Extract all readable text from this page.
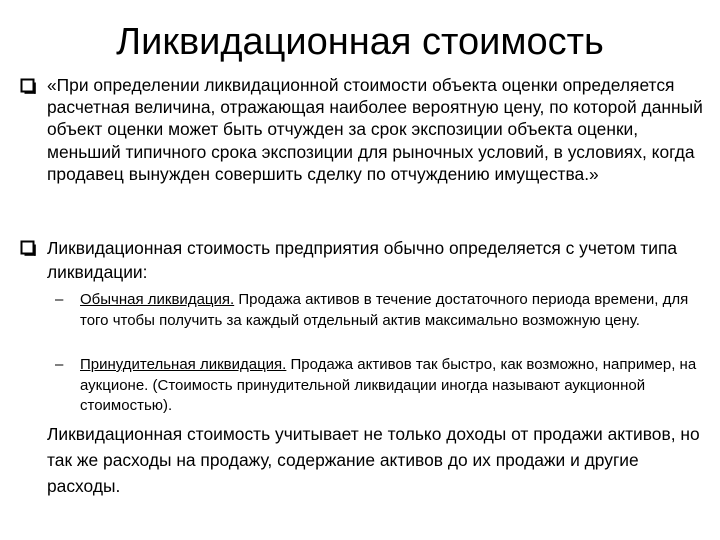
Ликвидационная стоимость
«При определении ликвидационной стоимости объекта оценки определяется расчетная величина, отражающая наиболее вероятную цену, по которой данный объект оценки может быть отчужден за срок экспозиции объекта оценки, меньший типичного срока экспозиции для рыночных условий, в условиях, когда продавец вынужден совершить сделку по отчуждению имущества.»
Ликвидационная стоимость предприятия обычно определяется с учетом типа ликвидации:
– Обычная ликвидация. Продажа активов в течение достаточного периода времени, для того чтобы получить за каждый отдельный актив максимально возможную цену.
– Принудительная ликвидация. Продажа активов так быстро, как возможно, например, на аукционе. (Стоимость принудительной ликвидации иногда называют аукционной стоимостью).
Ликвидационная стоимость учитывает не только доходы от продажи активов, но так же расходы на продажу, содержание активов до их продажи и другие расходы.
